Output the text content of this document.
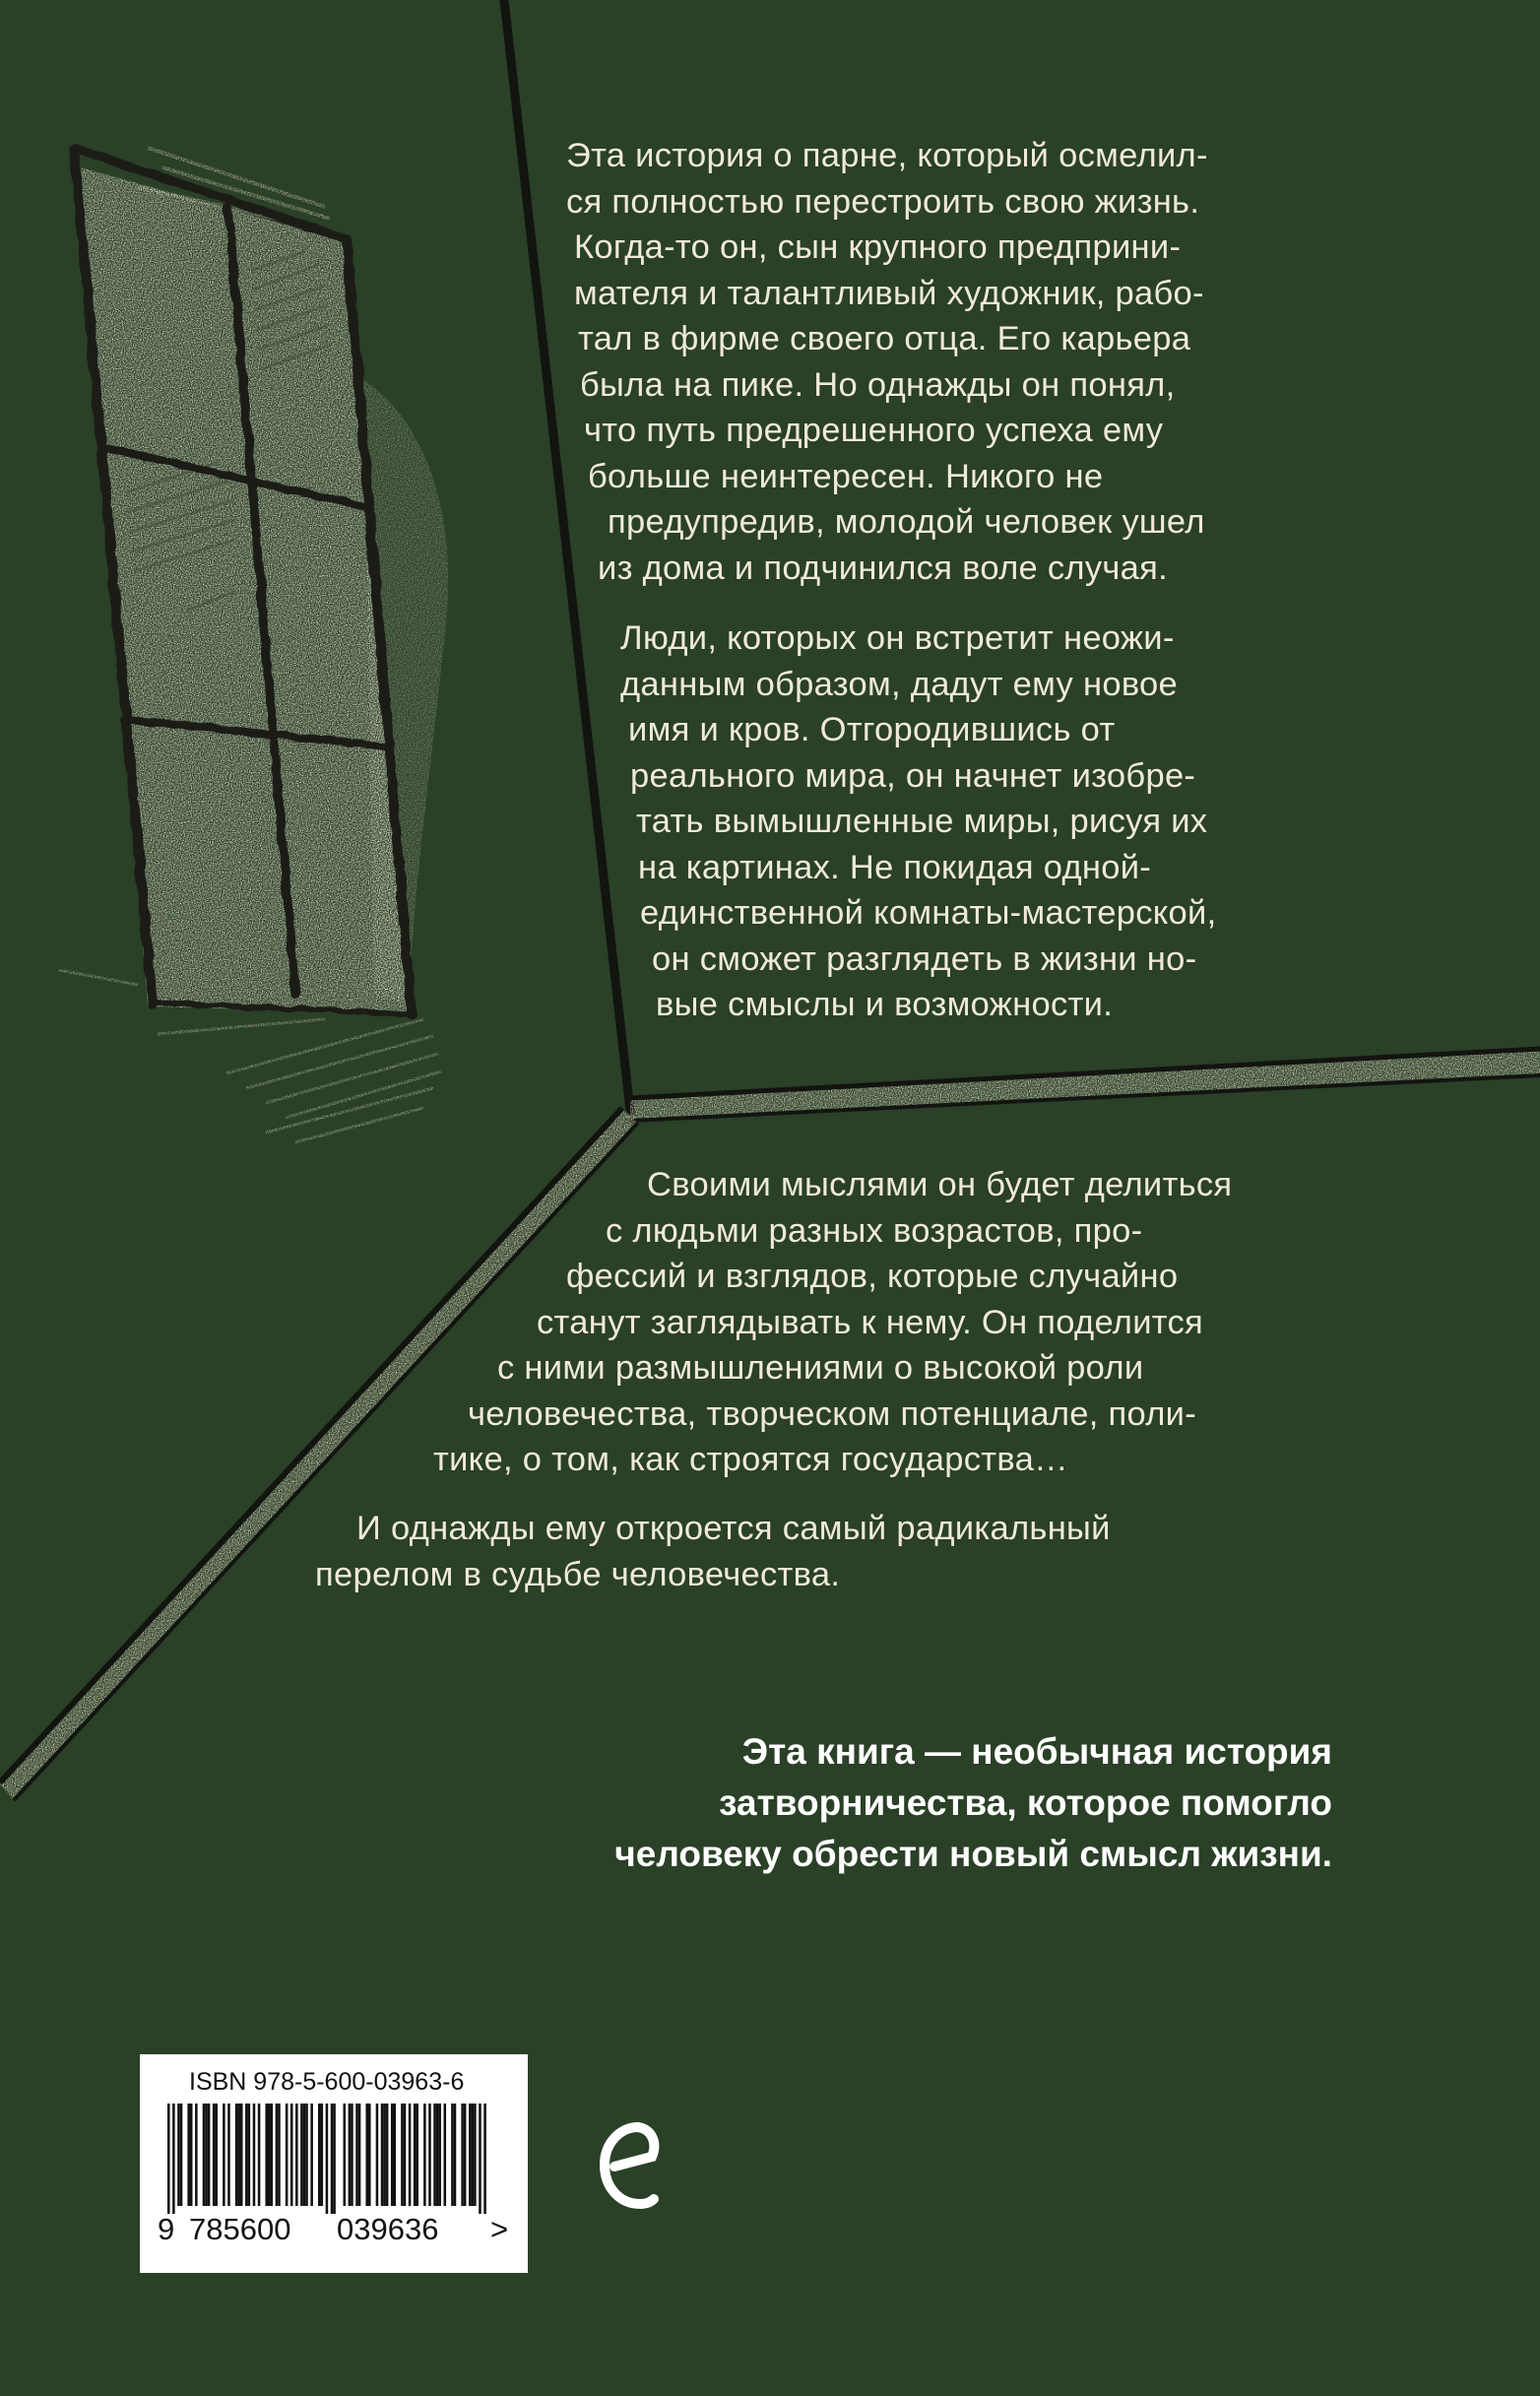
Эта история о парне, который осмелил-
ся полностью перестроить свою жизнь.
Когда-то он, сын крупного предприни-
мателя и талантливый художник, рабо-
тал в фирме своего отца. Его карьера
была на пике. Но однажды он понял,
что путь предрешенного успеха ему
больше неинтересен. Никого не
предупредив, молодой человек ушел
из дома и подчинился воле случая.

Люди, которых он встретит неожи-
данным образом, дадут ему новое
имя и кров. Отгородившись от
реального мира, он начнет изобре-
тать вымышленные миры, рисуя их
на картинах. Не покидая одной-
единственной комнаты-мастерской,
он сможет разглядеть в жизни но-
вые смыслы и возможности.

Своими мыслями он будет делиться
с людьми разных возрастов, про-
фессий и взглядов, которые случайно
станут заглядывать к нему. Он поделится
с ними размышлениями о высокой роли
человечества, творческом потенциале, поли-
тике, о том, как строятся государства…

И однажды ему откроется самый радикальный
перелом в судьбе человечества.

Эта книга — необычная история
затворничества, которое помогло
человеку обрести новый смысл жизни.

ISBN 978-5-600-03963-6
9 785600 039636 >
